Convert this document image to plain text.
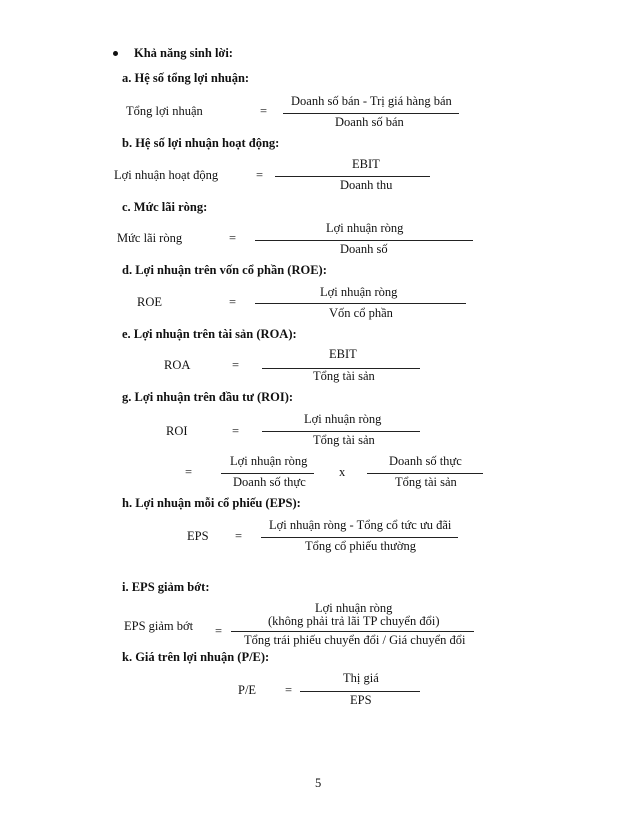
Khả năng sinh lời:
a. Hệ số tổng lợi nhuận:
Tổng lợi nhuận	=
Doanh số bán - Trị giá hàng bán
Doanh số bán
b. Hệ số lợi nhuận hoạt động:
Lợi nhuận hoạt động	=
EBIT
Doanh thu
c. Mức lãi ròng:
Mức lãi ròng	=
Lợi nhuận ròng
Doanh số
d. Lợi nhuận trên vốn cổ phần (ROE):
ROE	=
Lợi nhuận ròng
Vốn cổ phần
e. Lợi nhuận trên tài sản (ROA):
ROA	=
EBIT
Tổng tài sản
g. Lợi nhuận trên đầu tư (ROI):
ROI	=
Lợi nhuận ròng
Tổng tài sản
=
Lợi nhuận ròng
Doanh số thực
x
Doanh số thực
Tổng tài sản
h. Lợi nhuận mỗi cổ phiếu (EPS):
EPS =
Lợi nhuận ròng - Tổng cổ tức ưu đãi
Tổng cổ phiếu thường
i. EPS giảm bớt:
EPS giảm bớt =
Lợi nhuận ròng
(không phải trả lãi TP chuyển đổi)
Tổng trái phiếu chuyển đổi / Giá chuyển đổi
k. Giá trên lợi nhuận (P/E):
P/E =
Thị giá
EPS
5
